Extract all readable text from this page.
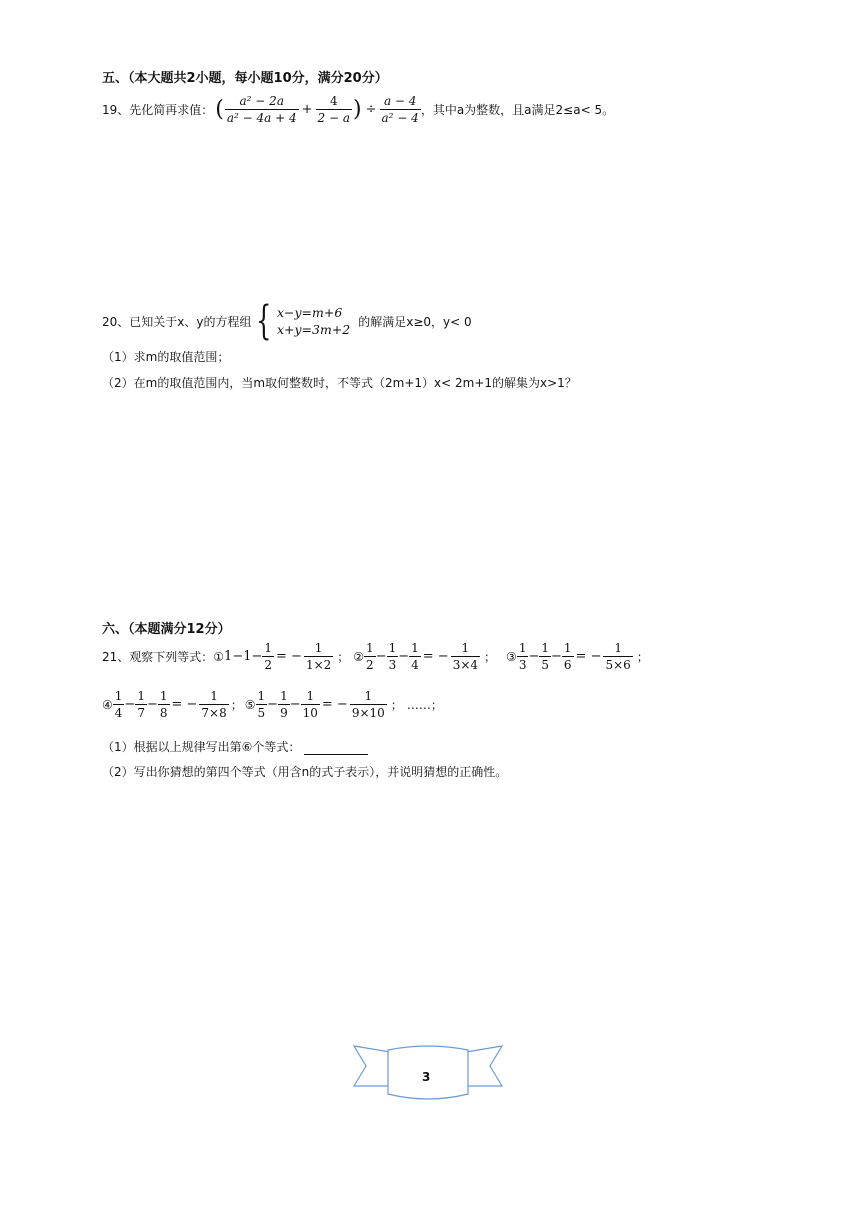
五、（本大题共2小题，每小题10分，满分20分）
19、先化简再求值： ( $\frac{\text{a² − 2a}}{\text{a² − 4a + 4}} + \frac{4}{2 - a}$ ) ÷ $\frac{a - 4}{\text{a² − 4}}$ ，其中a为整数，且a满足2≤a< 5。
20、已知关于x、y的方程组 { x−y=m+6
x+y=3m+2
的解满足x≥0，y< 0
（1）求m的取值范围；
（2）在m的取值范围内，当m取何整数时，不等式（2m+1）x< 2m+1的解集为x>1？
六、（本题满分12分）
21、观察下列等式： ① $1-1- \frac{1}{2}$ = − $\frac{1}{1\times 2}$ ； ② $\frac{1}{2} - \frac{1}{3} - \frac{1}{4}$ = − $\frac{1}{3\times 4}$ ； ③ $\frac{1}{3} - \frac{1}{5} - \frac{1}{6}$ = − $\frac{1}{5\times 6}$ ；
④ $\frac{1}{4} - \frac{1}{7} - \frac{1}{8}$ = − $\frac{1}{7\times 8}$ ； ⑤ $\frac{1}{5} - \frac{1}{9} - \frac{1}{10}$ = − $\frac{1}{9\times 10}$ ； …… ；
（1）根据以上规律写出第⑥个等式：
（2）写出你猜想的第四个等式（用含n的式子表示），并说明猜想的正确性。
3
